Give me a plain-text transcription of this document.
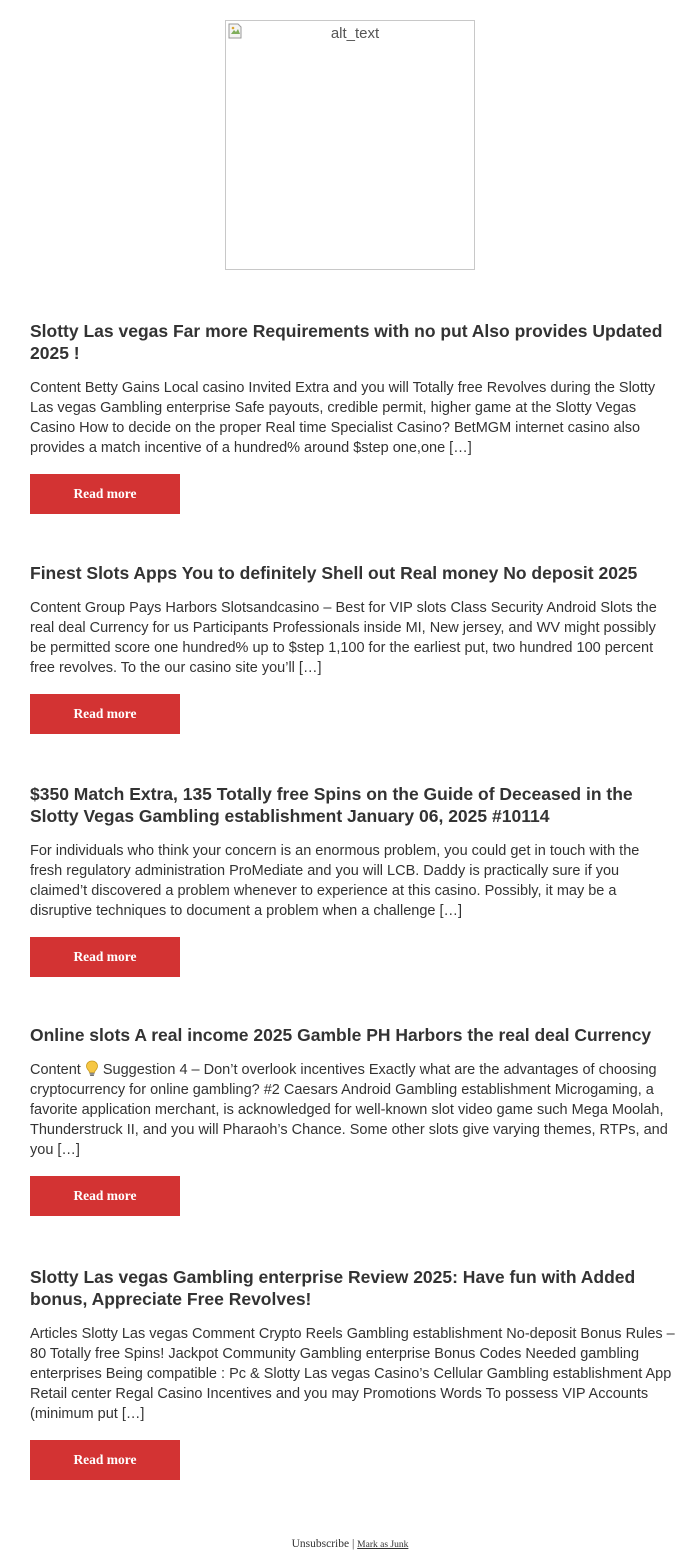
alt_text
Slotty Las vegas Far more Requirements with no put Also provides Updated 2025 !

Content Betty Gains Local casino Invited Extra and you will Totally free Revolves during the Slotty Las vegas Gambling enterprise Safe payouts, credible permit, higher game at the Slotty Vegas Casino How to decide on the proper Real time Specialist Casino? BetMGM internet casino also provides a match incentive of a hundred% around $step one,one […]

Read more
Finest Slots Apps You to definitely Shell out Real money No deposit 2025

Content Group Pays Harbors Slotsandcasino – Best for VIP slots Class Security Android Slots the real deal Currency for us Participants Professionals inside MI, New jersey, and WV might possibly be permitted score one hundred% up to $step 1,100 for the earliest put, two hundred 100 percent free revolves. To the our casino site you’ll […]

Read more
$350 Match Extra, 135 Totally free Spins on the Guide of Deceased in the Slotty Vegas Gambling establishment January 06, 2025 #10114

For individuals who think your concern is an enormous problem, you could get in touch with the fresh regulatory administration ProMediate and you will LCB. Daddy is practically sure if you claimed’t discovered a problem whenever to experience at this casino. Possibly, it may be a disruptive techniques to document a problem when a challenge […]

Read more
Online slots A real income 2025 Gamble PH Harbors the real deal Currency

Content Suggestion 4 – Don’t overlook incentives Exactly what are the advantages of choosing cryptocurrency for online gambling? #2 Caesars Android Gambling establishment Microgaming, a favorite application merchant, is acknowledged for well-known slot video game such Mega Moolah, Thunderstruck II, and you will Pharaoh’s Chance. Some other slots give varying themes, RTPs, and you […]

Read more
Slotty Las vegas Gambling enterprise Review 2025: Have fun with Added bonus, Appreciate Free Revolves!

Articles Slotty Las vegas Comment Crypto Reels Gambling establishment No-deposit Bonus Rules – 80 Totally free Spins! Jackpot Community Gambling enterprise Bonus Codes Needed gambling enterprises Being compatible : Pc & Slotty Las vegas Casino’s Cellular Gambling establishment App Retail center Regal Casino Incentives and you may Promotions Words To possess VIP Accounts (minimum put […]

Read more
Unsubscribe | Mark as Junk
